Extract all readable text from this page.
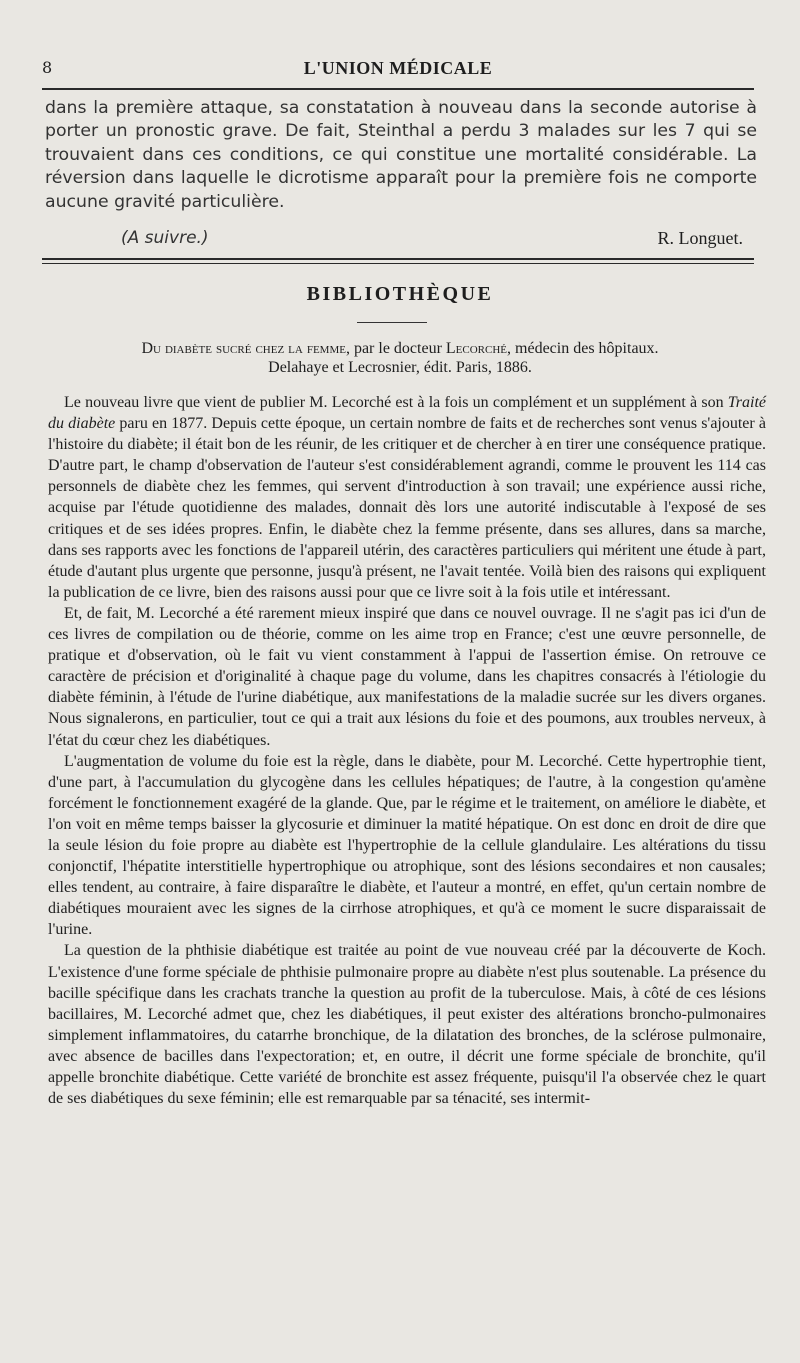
8	L'UNION MÉDICALE

dans la première attaque, sa constatation à nouveau dans la seconde autorise à porter un pronostic grave. De fait, Steinthal a perdu 3 malades sur les 7 qui se trouvaient dans ces conditions, ce qui constitue une mortalité considérable. La réversion dans laquelle le dicrotisme apparaît pour la première fois ne comporte aucune gravité particulière.

(A suivre.)	R. Longuet.
BIBLIOTHÈQUE
Du diabète sucré chez la femme, par le docteur Lecorché, médecin des hôpitaux.
Delahaye et Lecrosnier, édit. Paris, 1886.

Le nouveau livre que vient de publier M. Lecorché est à la fois un complément et un supplément à son Traité du diabète paru en 1877. Depuis cette époque, un certain nombre de faits et de recherches sont venus s'ajouter à l'histoire du diabète; il était bon de les réunir, de les critiquer et de chercher à en tirer une conséquence pratique. D'autre part, le champ d'observation de l'auteur s'est considérablement agrandi, comme le prouvent les 114 cas personnels de diabète chez les femmes, qui servent d'introduction à son travail; une expérience aussi riche, acquise par l'étude quotidienne des malades, donnait dès lors une autorité indiscutable à l'exposé de ses critiques et de ses idées propres. Enfin, le diabète chez la femme présente, dans ses allures, dans sa marche, dans ses rapports avec les fonctions de l'appareil utérin, des caractères particuliers qui méritent une étude à part, étude d'autant plus urgente que personne, jusqu'à présent, ne l'avait tentée. Voilà bien des raisons qui expliquent la publication de ce livre, bien des raisons aussi pour que ce livre soit à la fois utile et intéressant.

Et, de fait, M. Lecorché a été rarement mieux inspiré que dans ce nouvel ouvrage. Il ne s'agit pas ici d'un de ces livres de compilation ou de théorie, comme on les aime trop en France; c'est une œuvre personnelle, de pratique et d'observation, où le fait vu vient constamment à l'appui de l'assertion émise. On retrouve ce caractère de précision et d'originalité à chaque page du volume, dans les chapitres consacrés à l'étiologie du diabète féminin, à l'étude de l'urine diabétique, aux manifestations de la maladie sucrée sur les divers organes. Nous signalerons, en particulier, tout ce qui a trait aux lésions du foie et des poumons, aux troubles nerveux, à l'état du cœur chez les diabétiques.

L'augmentation de volume du foie est la règle, dans le diabète, pour M. Lecorché. Cette hypertrophie tient, d'une part, à l'accumulation du glycogène dans les cellules hépatiques; de l'autre, à la congestion qu'amène forcément le fonctionnement exagéré de la glande. Que, par le régime et le traitement, on améliore le diabète, et l'on voit en même temps baisser la glycosurie et diminuer la matité hépatique. On est donc en droit de dire que la seule lésion du foie propre au diabète est l'hypertrophie de la cellule glandulaire. Les altérations du tissu conjonctif, l'hépatite interstitielle hypertrophique ou atrophique, sont des lésions secondaires et non causales; elles tendent, au contraire, à faire disparaître le diabète, et l'auteur a montré, en effet, qu'un certain nombre de diabétiques mouraient avec les signes de la cirrhose atrophiques, et qu'à ce moment le sucre disparaissait de l'urine.

La question de la phthisie diabétique est traitée au point de vue nouveau créé par la découverte de Koch. L'existence d'une forme spéciale de phthisie pulmonaire propre au diabète n'est plus soutenable. La présence du bacille spécifique dans les crachats tranche la question au profit de la tuberculose. Mais, à côté de ces lésions bacillaires, M. Lecorché admet que, chez les diabétiques, il peut exister des altérations broncho-pulmonaires simplement inflammatoires, du catarrhe bronchique, de la dilatation des bronches, de la sclérose pulmonaire, avec absence de bacilles dans l'expectoration; et, en outre, il décrit une forme spéciale de bronchite, qu'il appelle bronchite diabétique. Cette variété de bronchite est assez fréquente, puisqu'il l'a observée chez le quart de ses diabétiques du sexe féminin; elle est remarquable par sa ténacité, ses intermit-
